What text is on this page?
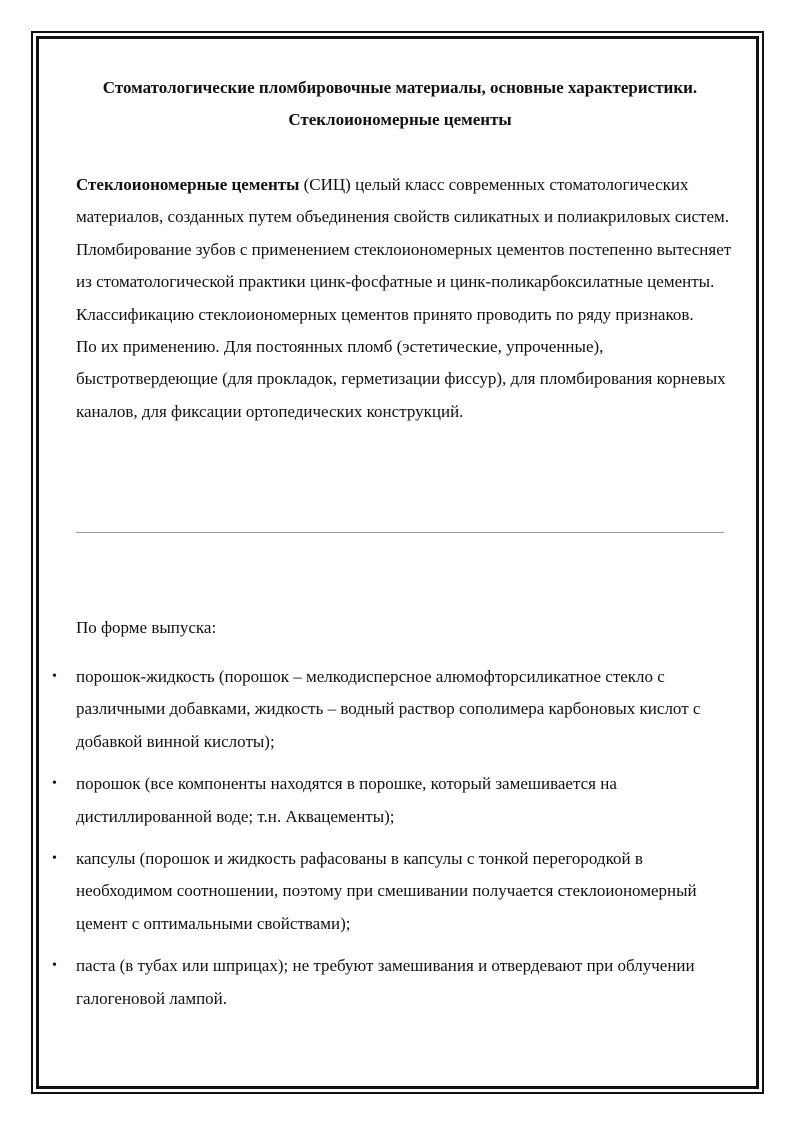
Стоматологические пломбировочные материалы, основные характеристики. Стеклоиономерные цементы

Стеклоиономерные цементы (СИЦ) целый класс современных стоматологических материалов, созданных путем объединения свойств силикатных и полиакриловых систем. Пломбирование зубов с применением стеклоиономерных цементов постепенно вытесняет из стоматологической практики цинк-фосфатные и цинк-поликарбоксилатные цементы.

Классификацию стеклоиономерных цементов принято проводить по ряду признаков.

По их применению. Для постоянных пломб (эстетические, упроченные), быстротвердеющие (для прокладок, герметизации фиссур), для пломбирования корневых каналов, для фиксации ортопедических конструкций.

По форме выпуска:

• порошок-жидкость (порошок – мелкодисперсное алюмофторсиликатное стекло с различными добавками, жидкость – водный раствор сополимера карбоновых кислот с добавкой винной кислоты);
• порошок (все компоненты находятся в порошке, который замешивается на дистиллированной воде; т.н. Аквацементы);
• капсулы (порошок и жидкость рафасованы в капсулы с тонкой перегородкой в необходимом соотношении, поэтому при смешивании получается стеклоиономерный цемент с оптимальными свойствами);
• паста (в тубах или шприцах); не требуют замешивания и отвердевают при облучении галогеновой лампой.
